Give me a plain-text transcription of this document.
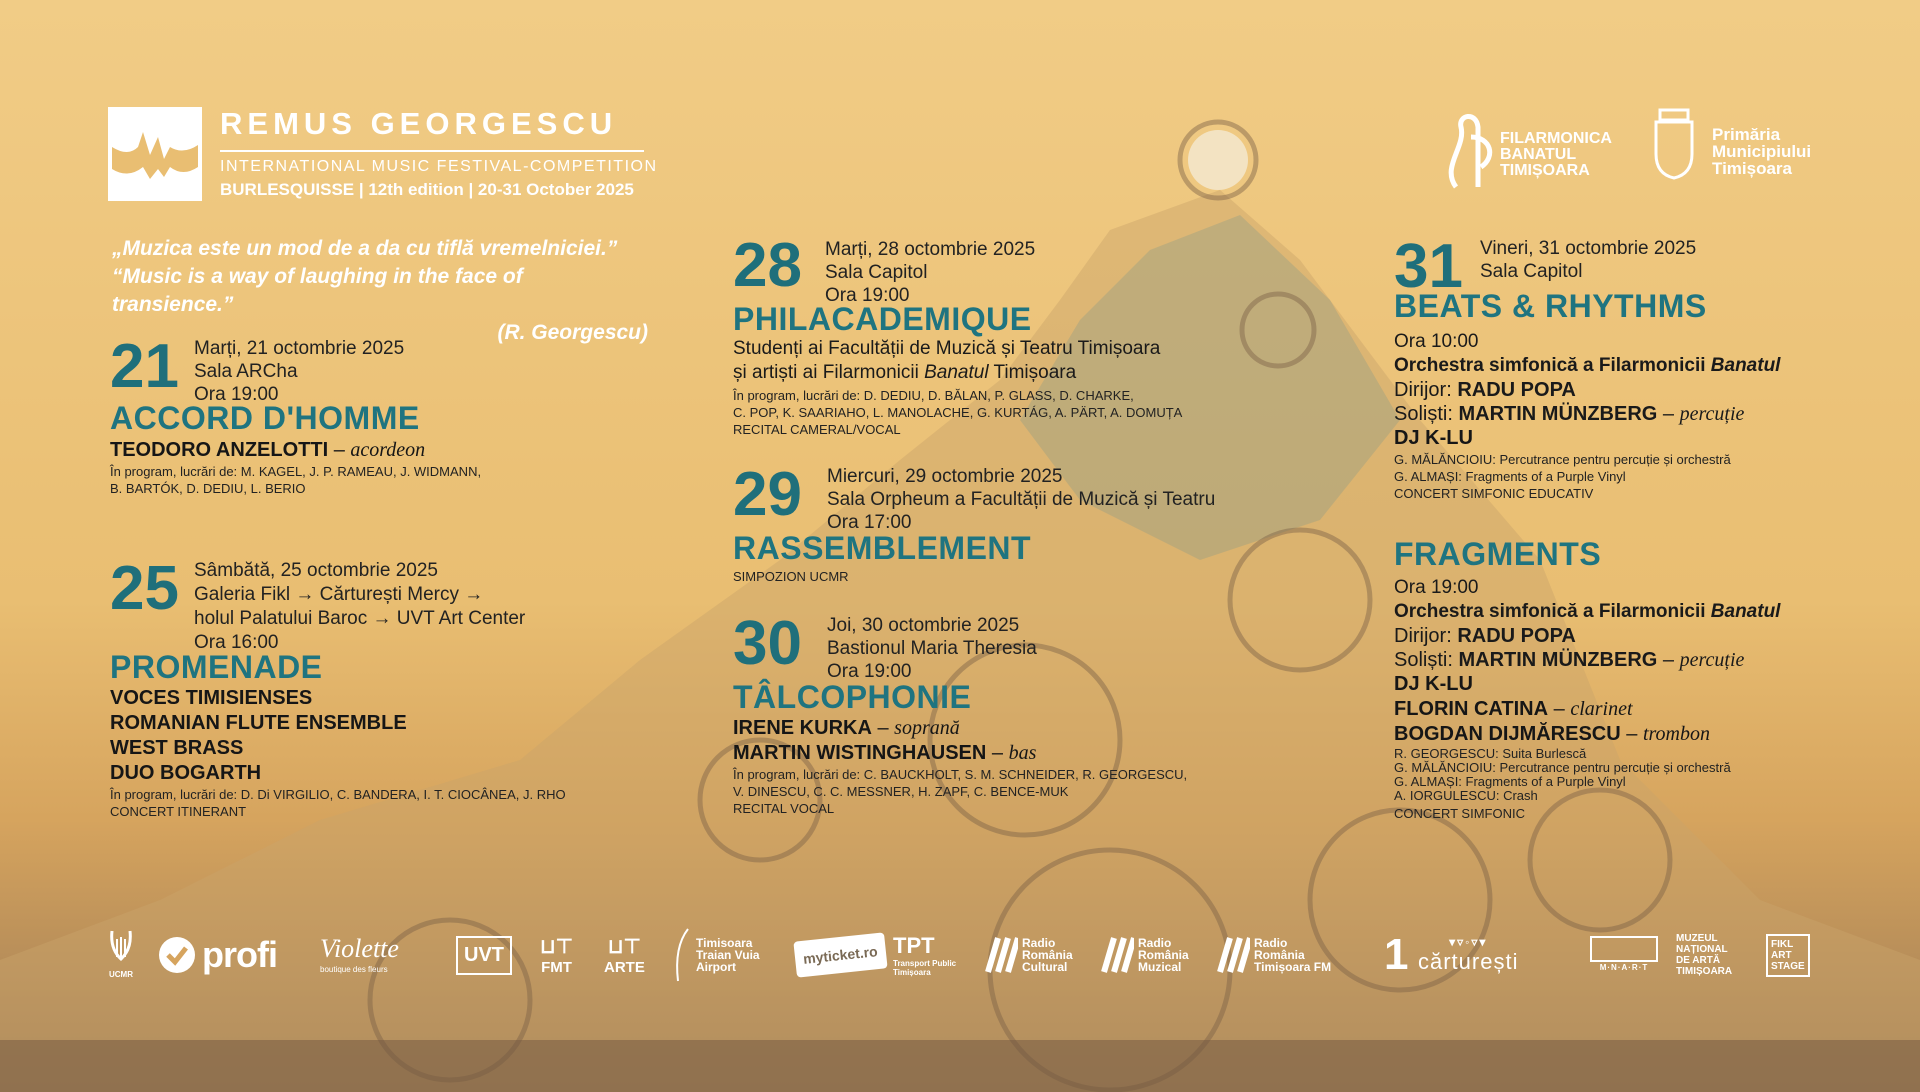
REMUS GEORGESCU
INTERNATIONAL MUSIC FESTIVAL-COMPETITION
BURLESQUISSE | 12th edition | 20-31 October 2025
„Muzica este un mod de a da cu tiflă vremelniciei.”
“Music is a way of laughing in the face of transience.”
(R. Georgescu)
FILARMONICA
BANATUL
TIMIȘOARA
Primăria
Municipiului
Timișoara
21 Marți, 21 octombrie 2025
Sala ARCha
Ora 19:00
ACCORD D'HOMME
TEODORO ANZELOTTI – acordeon
În program, lucrări de: M. KAGEL, J. P. RAMEAU, J. WIDMANN,
B. BARTÓK, D. DEDIU, L. BERIO
25 Sâmbătă, 25 octombrie 2025
Galeria Fikl → Cărturești Mercy →
holul Palatului Baroc → UVT Art Center
Ora 16:00
PROMENADE
VOCES TIMISIENSES
ROMANIAN FLUTE ENSEMBLE
WEST BRASS
DUO BOGARTH
În program, lucrări de: D. Di VIRGILIO, C. BANDERA, I. T. CIOCÂNEA, J. RHO
CONCERT ITINERANT
28 Marți, 28 octombrie 2025
Sala Capitol
Ora 19:00
PHILACADEMIQUE
Studenți ai Facultății de Muzică și Teatru Timișoara
și artiști ai Filarmonicii Banatul Timișoara
În program, lucrări de: D. DEDIU, D. BĂLAN, P. GLASS, D. CHARKE,
C. POP, K. SAARIAHO, L. MANOLACHE, G. KURTÁG, A. PÄRT, A. DOMUȚA
RECITAL CAMERAL/VOCAL
29 Miercuri, 29 octombrie 2025
Sala Orpheum a Facultății de Muzică și Teatru
Ora 17:00
RASSEMBLEMENT
SIMPOZION UCMR
30 Joi, 30 octombrie 2025
Bastionul Maria Theresia
Ora 19:00
TÂLCOPHONIE
IRENE KURKA – soprană
MARTIN WISTINGHAUSEN – bas
În program, lucrări de: C. BAUCKHOLT, S. M. SCHNEIDER, R. GEORGESCU,
V. DINESCU, C. C. MESSNER, H. ZAPF, C. BENCE-MUK
RECITAL VOCAL
31 Vineri, 31 octombrie 2025
Sala Capitol
BEATS & RHYTHMS
Ora 10:00
Orchestra simfonică a Filarmonicii Banatul
Dirijor: RADU POPA
Soliști: MARTIN MÜNZBERG – percuție
DJ K-LU
G. MĂLĂNCIOIU: Percutrance pentru percuție și orchestră
G. ALMAȘI: Fragments of a Purple Vinyl
CONCERT SIMFONIC EDUCATIV
FRAGMENTS
Ora 19:00
Orchestra simfonică a Filarmonicii Banatul
Dirijor: RADU POPA
Soliști: MARTIN MÜNZBERG – percuție
DJ K-LU
FLORIN CATINA – clarinet
BOGDAN DIJMĂRESCU – trombon
R. GEORGESCU: Suita Burlescă
G. MĂLĂNCIOIU: Percutrance pentru percuție și orchestră
G. ALMAȘI: Fragments of a Purple Vinyl
A. IORGULESCU: Crash
CONCERT SIMFONIC
UCMR profi Violette
boutique des fleurs
UVT	⊔⊤
FMT
⊔⊤
ARTE
Timisoara
Traian Vuia
Airport
myticket.ro TPT
Transport Public
Timișoara
Radio
România
Cultural
Radio
România
Muzical
Radio
România
Timișoara FM 1	▾▿◦▿▾
cărturești	M·N·A·R·T
MUZEUL
NAȚIONAL
DE ARTĂ
TIMIȘOARA
FIKL
ART
STAGE
